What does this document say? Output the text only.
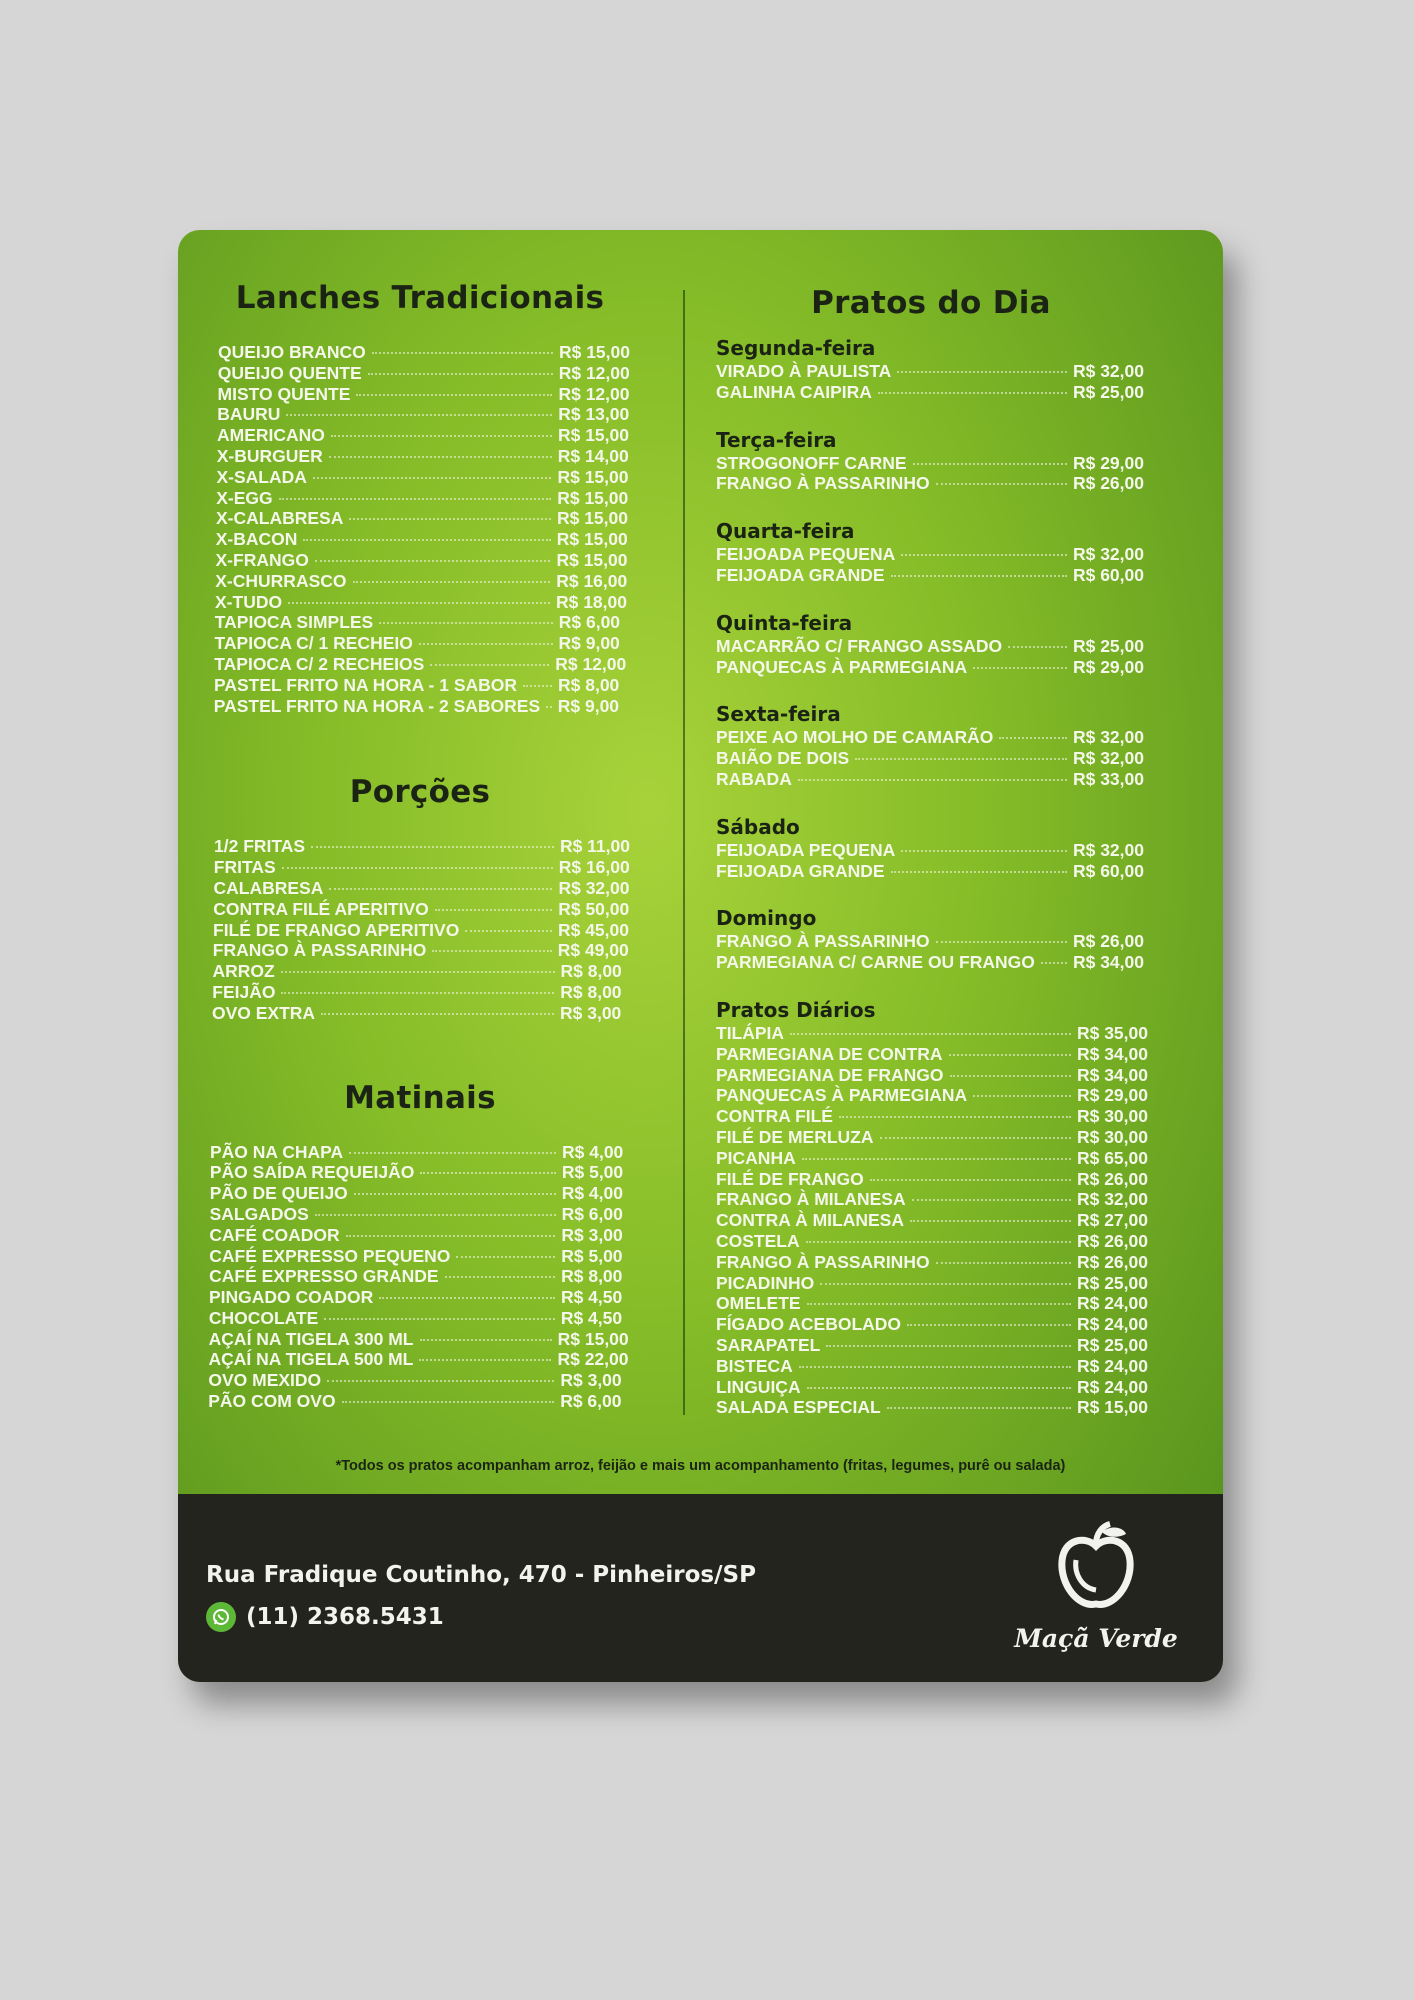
Lanches Tradicionais
QUEIJO BRANCO	R$ 15,00
QUEIJO QUENTE	R$ 12,00
MISTO QUENTE	R$ 12,00
BAURU	R$ 13,00
AMERICANO	R$ 15,00
X-BURGUER	R$ 14,00
X-SALADA	R$ 15,00
X-EGG	R$ 15,00
X-CALABRESA	R$ 15,00
X-BACON	R$ 15,00
X-FRANGO	R$ 15,00
X-CHURRASCO	R$ 16,00
X-TUDO	R$ 18,00
TAPIOCA SIMPLES	R$ 6,00
TAPIOCA C/ 1 RECHEIO	R$ 9,00
TAPIOCA C/ 2 RECHEIOS	R$ 12,00
PASTEL FRITO NA HORA - 1 SABOR R$ 8,00
PASTEL FRITO NA HORA - 2 SABORES R$ 9,00
Porções
1/2 FRITAS	R$ 11,00
FRITAS	R$ 16,00
CALABRESA	R$ 32,00
CONTRA FILÉ APERITIVO	R$ 50,00
FILÉ DE FRANGO APERITIVO	R$ 45,00
FRANGO À PASSARINHO	R$ 49,00
ARROZ	R$ 8,00
FEIJÃO	R$ 8,00
OVO EXTRA	R$ 3,00
Matinais
PÃO NA CHAPA	R$ 4,00
PÃO SAÍDA REQUEIJÃO	R$ 5,00
PÃO DE QUEIJO	R$ 4,00
SALGADOS	R$ 6,00
CAFÉ COADOR	R$ 3,00
CAFÉ EXPRESSO PEQUENO	R$ 5,00
CAFÉ EXPRESSO GRANDE	R$ 8,00
PINGADO COADOR	R$ 4,50
CHOCOLATE	R$ 4,50
AÇAÍ NA TIGELA 300 ML	R$ 15,00
AÇAÍ NA TIGELA 500 ML	R$ 22,00
OVO MEXIDO	R$ 3,00
PÃO COM OVO	R$ 6,00
Pratos do Dia
Segunda-feira
VIRADO À PAULISTA	R$ 32,00
GALINHA CAIPIRA	R$ 25,00
Terça-feira
STROGONOFF CARNE	R$ 29,00
FRANGO À PASSARINHO	R$ 26,00
Quarta-feira
FEIJOADA PEQUENA	R$ 32,00
FEIJOADA GRANDE	R$ 60,00
Quinta-feira
MACARRÃO C/ FRANGO ASSADO	R$ 25,00
PANQUECAS À PARMEGIANA	R$ 29,00
Sexta-feira
PEIXE AO MOLHO DE CAMARÃO	R$ 32,00
BAIÃO DE DOIS	R$ 32,00
RABADA	R$ 33,00
Sábado
FEIJOADA PEQUENA	R$ 32,00
FEIJOADA GRANDE	R$ 60,00
Domingo
FRANGO À PASSARINHO	R$ 26,00
PARMEGIANA C/ CARNE OU FRANGO R$ 34,00
Pratos Diários
TILÁPIA	R$ 35,00
PARMEGIANA DE CONTRA	R$ 34,00
PARMEGIANA DE FRANGO	R$ 34,00
PANQUECAS À PARMEGIANA	R$ 29,00
CONTRA FILÉ	R$ 30,00
FILÉ DE MERLUZA	R$ 30,00
PICANHA	R$ 65,00
FILÉ DE FRANGO	R$ 26,00
FRANGO À MILANESA	R$ 32,00
CONTRA À MILANESA	R$ 27,00
COSTELA	R$ 26,00
FRANGO À PASSARINHO	R$ 26,00
PICADINHO	R$ 25,00
OMELETE	R$ 24,00
FÍGADO ACEBOLADO	R$ 24,00
SARAPATEL	R$ 25,00
BISTECA	R$ 24,00
LINGUIÇA	R$ 24,00
SALADA ESPECIAL	R$ 15,00
*Todos os pratos acompanham arroz, feijão e mais um acompanhamento (fritas, legumes, purê ou salada)
Rua Fradique Coutinho, 470 - Pinheiros/SP
(11) 2368.5431
Maçã Verde
